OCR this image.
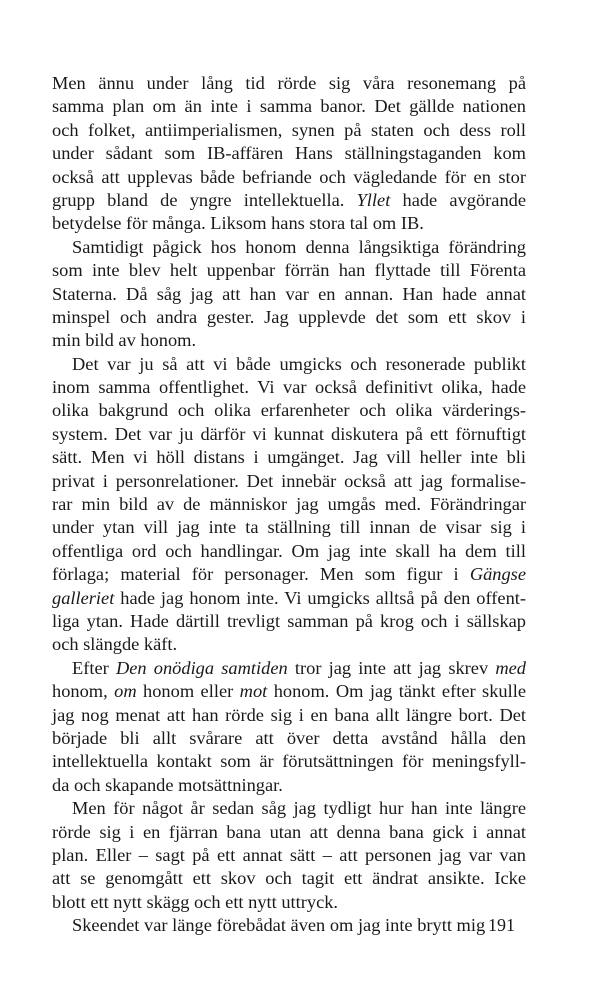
Men ännu under lång tid rörde sig våra resonemang på
samma plan om än inte i samma banor. Det gällde nationen
och folket, antiimperialismen, synen på staten och dess roll
under sådant som IB-affären Hans ställningstaganden kom
också att upplevas både befriande och vägledande för en stor
grupp bland de yngre intellektuella. Yllet hade avgörande
betydelse för många. Liksom hans stora tal om IB.
Samtidigt pågick hos honom denna långsiktiga förändring
som inte blev helt uppenbar förrän han flyttade till Förenta
Staterna. Då såg jag att han var en annan. Han hade annat
minspel och andra gester. Jag upplevde det som ett skov i
min bild av honom.
Det var ju så att vi både umgicks och resonerade publikt
inom samma offentlighet. Vi var också definitivt olika, hade
olika bakgrund och olika erfarenheter och olika värderings-
system. Det var ju därför vi kunnat diskutera på ett förnuftigt
sätt. Men vi höll distans i umgänget. Jag vill heller inte bli
privat i personrelationer. Det innebär också att jag formalise-
rar min bild av de människor jag umgås med. Förändringar
under ytan vill jag inte ta ställning till innan de visar sig i
offentliga ord och handlingar. Om jag inte skall ha dem till
förlaga; material för personager. Men som figur i Gängse
galleriet hade jag honom inte. Vi umgicks alltså på den offent-
liga ytan. Hade därtill trevligt samman på krog och i sällskap
och slängde käft.
Efter Den onödiga samtiden tror jag inte att jag skrev med
honom, om honom eller mot honom. Om jag tänkt efter skulle
jag nog menat att han rörde sig i en bana allt längre bort. Det
började bli allt svårare att över detta avstånd hålla den
intellektuella kontakt som är förutsättningen för meningsfyll-
da och skapande motsättningar.
Men för något år sedan såg jag tydligt hur han inte längre
rörde sig i en fjärran bana utan att denna bana gick i annat
plan. Eller – sagt på ett annat sätt – att personen jag var van
att se genomgått ett skov och tagit ett ändrat ansikte. Icke
blott ett nytt skägg och ett nytt uttryck.
Skeendet var länge förebådat även om jag inte brytt mig 191
